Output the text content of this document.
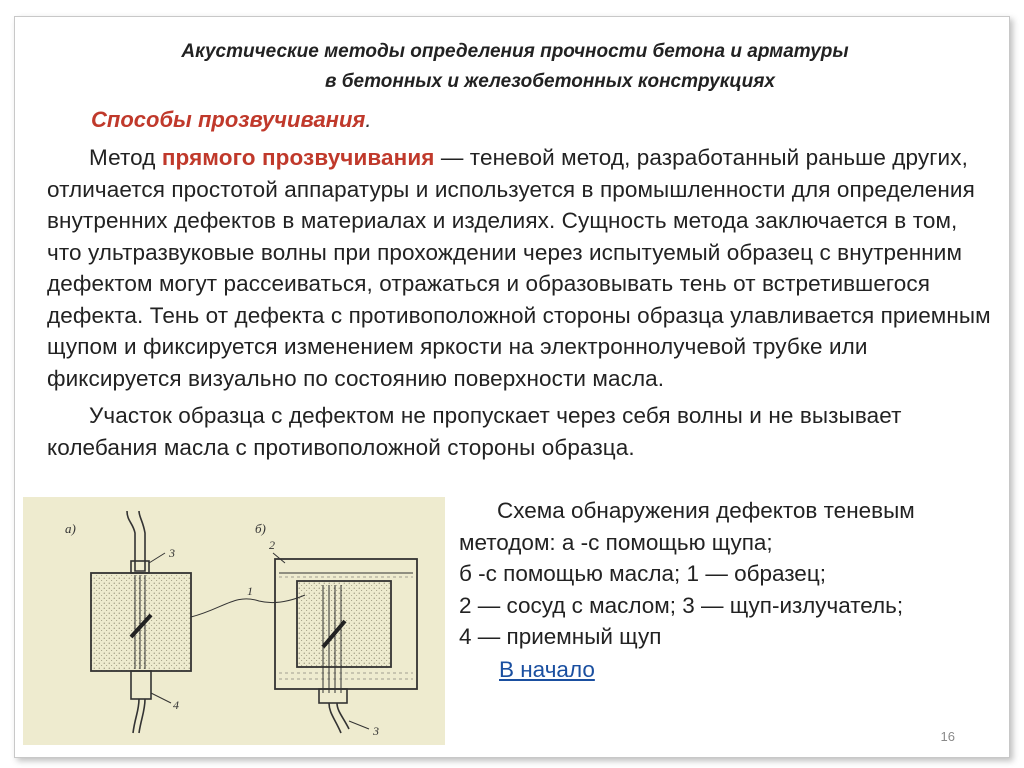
Акустические методы определения прочности бетона и арматуры
в бетонных и железобетонных конструкциях
Способы прозвучивания.

Метод прямого прозвучивания — теневой метод, разработанный раньше других, отличается простотой аппаратуры и используется в промышленности для определения внутренних дефектов в материалах и изделиях. Сущность метода заключается в том, что ультразвуковые волны при прохождении через испытуемый образец с внутренним дефектом могут рассеиваться, отражаться и образовывать тень от встретившегося дефекта. Тень от дефекта с противоположной стороны образца улавливается приемным щупом и фиксируется изменением яркости на электроннолучевой трубке или фиксируется визуально по состоянию поверхности масла.

Участок образца с дефектом не пропускает через себя волны и не вызывает колебания масла с противоположной стороны образца.

а)
3
4
1
б)
2
3
Схема обнаружения дефектов теневым
методом: а -с помощью щупа;
б -с помощью масла; 1 — образец;
2 — сосуд с маслом; 3 — щуп-излучатель;
4 — приемный щуп
В начало
16
